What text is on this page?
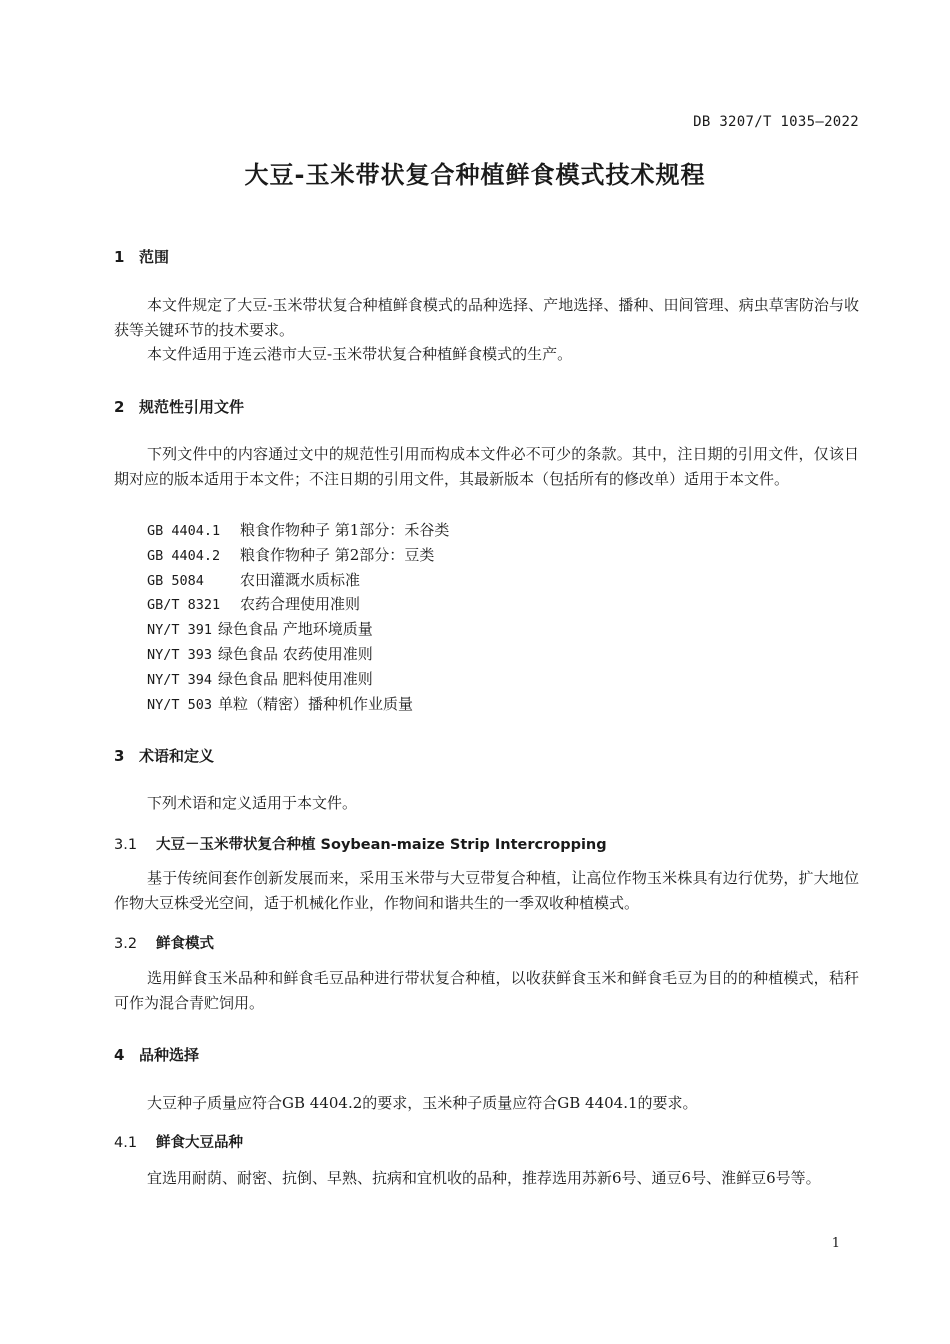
DB 3207/T 1035—2022
大豆-玉米带状复合种植鲜食模式技术规程
1 范围
本文件规定了大豆-玉米带状复合种植鲜食模式的品种选择、产地选择、播种、田间管理、病虫草害防治与收获等关键环节的技术要求。
本文件适用于连云港市大豆-玉米带状复合种植鲜食模式的生产。
2 规范性引用文件
下列文件中的内容通过文中的规范性引用而构成本文件必不可少的条款。其中，注日期的引用文件，仅该日期对应的版本适用于本文件；不注日期的引用文件，其最新版本（包括所有的修改单）适用于本文件。
GB 4404.1 粮食作物种子 第1部分：禾谷类
GB 4404.2 粮食作物种子 第2部分：豆类
GB 5084 农田灌溉水质标准
GB/T 8321 农药合理使用准则
NY/T 391 绿色食品 产地环境质量
NY/T 393 绿色食品 农药使用准则
NY/T 394 绿色食品 肥料使用准则
NY/T 503 单粒（精密）播种机作业质量
3 术语和定义
下列术语和定义适用于本文件。
3.1 大豆－玉米带状复合种植 Soybean-maize Strip Intercropping
基于传统间套作创新发展而来，采用玉米带与大豆带复合种植，让高位作物玉米株具有边行优势，扩大地位作物大豆株受光空间，适于机械化作业，作物间和谐共生的一季双收种植模式。
3.2 鲜食模式
选用鲜食玉米品种和鲜食毛豆品种进行带状复合种植，以收获鲜食玉米和鲜食毛豆为目的的种植模式，秸秆可作为混合青贮饲用。
4 品种选择
大豆种子质量应符合GB 4404.2的要求，玉米种子质量应符合GB 4404.1的要求。
4.1 鲜食大豆品种
宜选用耐荫、耐密、抗倒、早熟、抗病和宜机收的品种，推荐选用苏新6号、通豆6号、淮鲜豆6号等。
1
